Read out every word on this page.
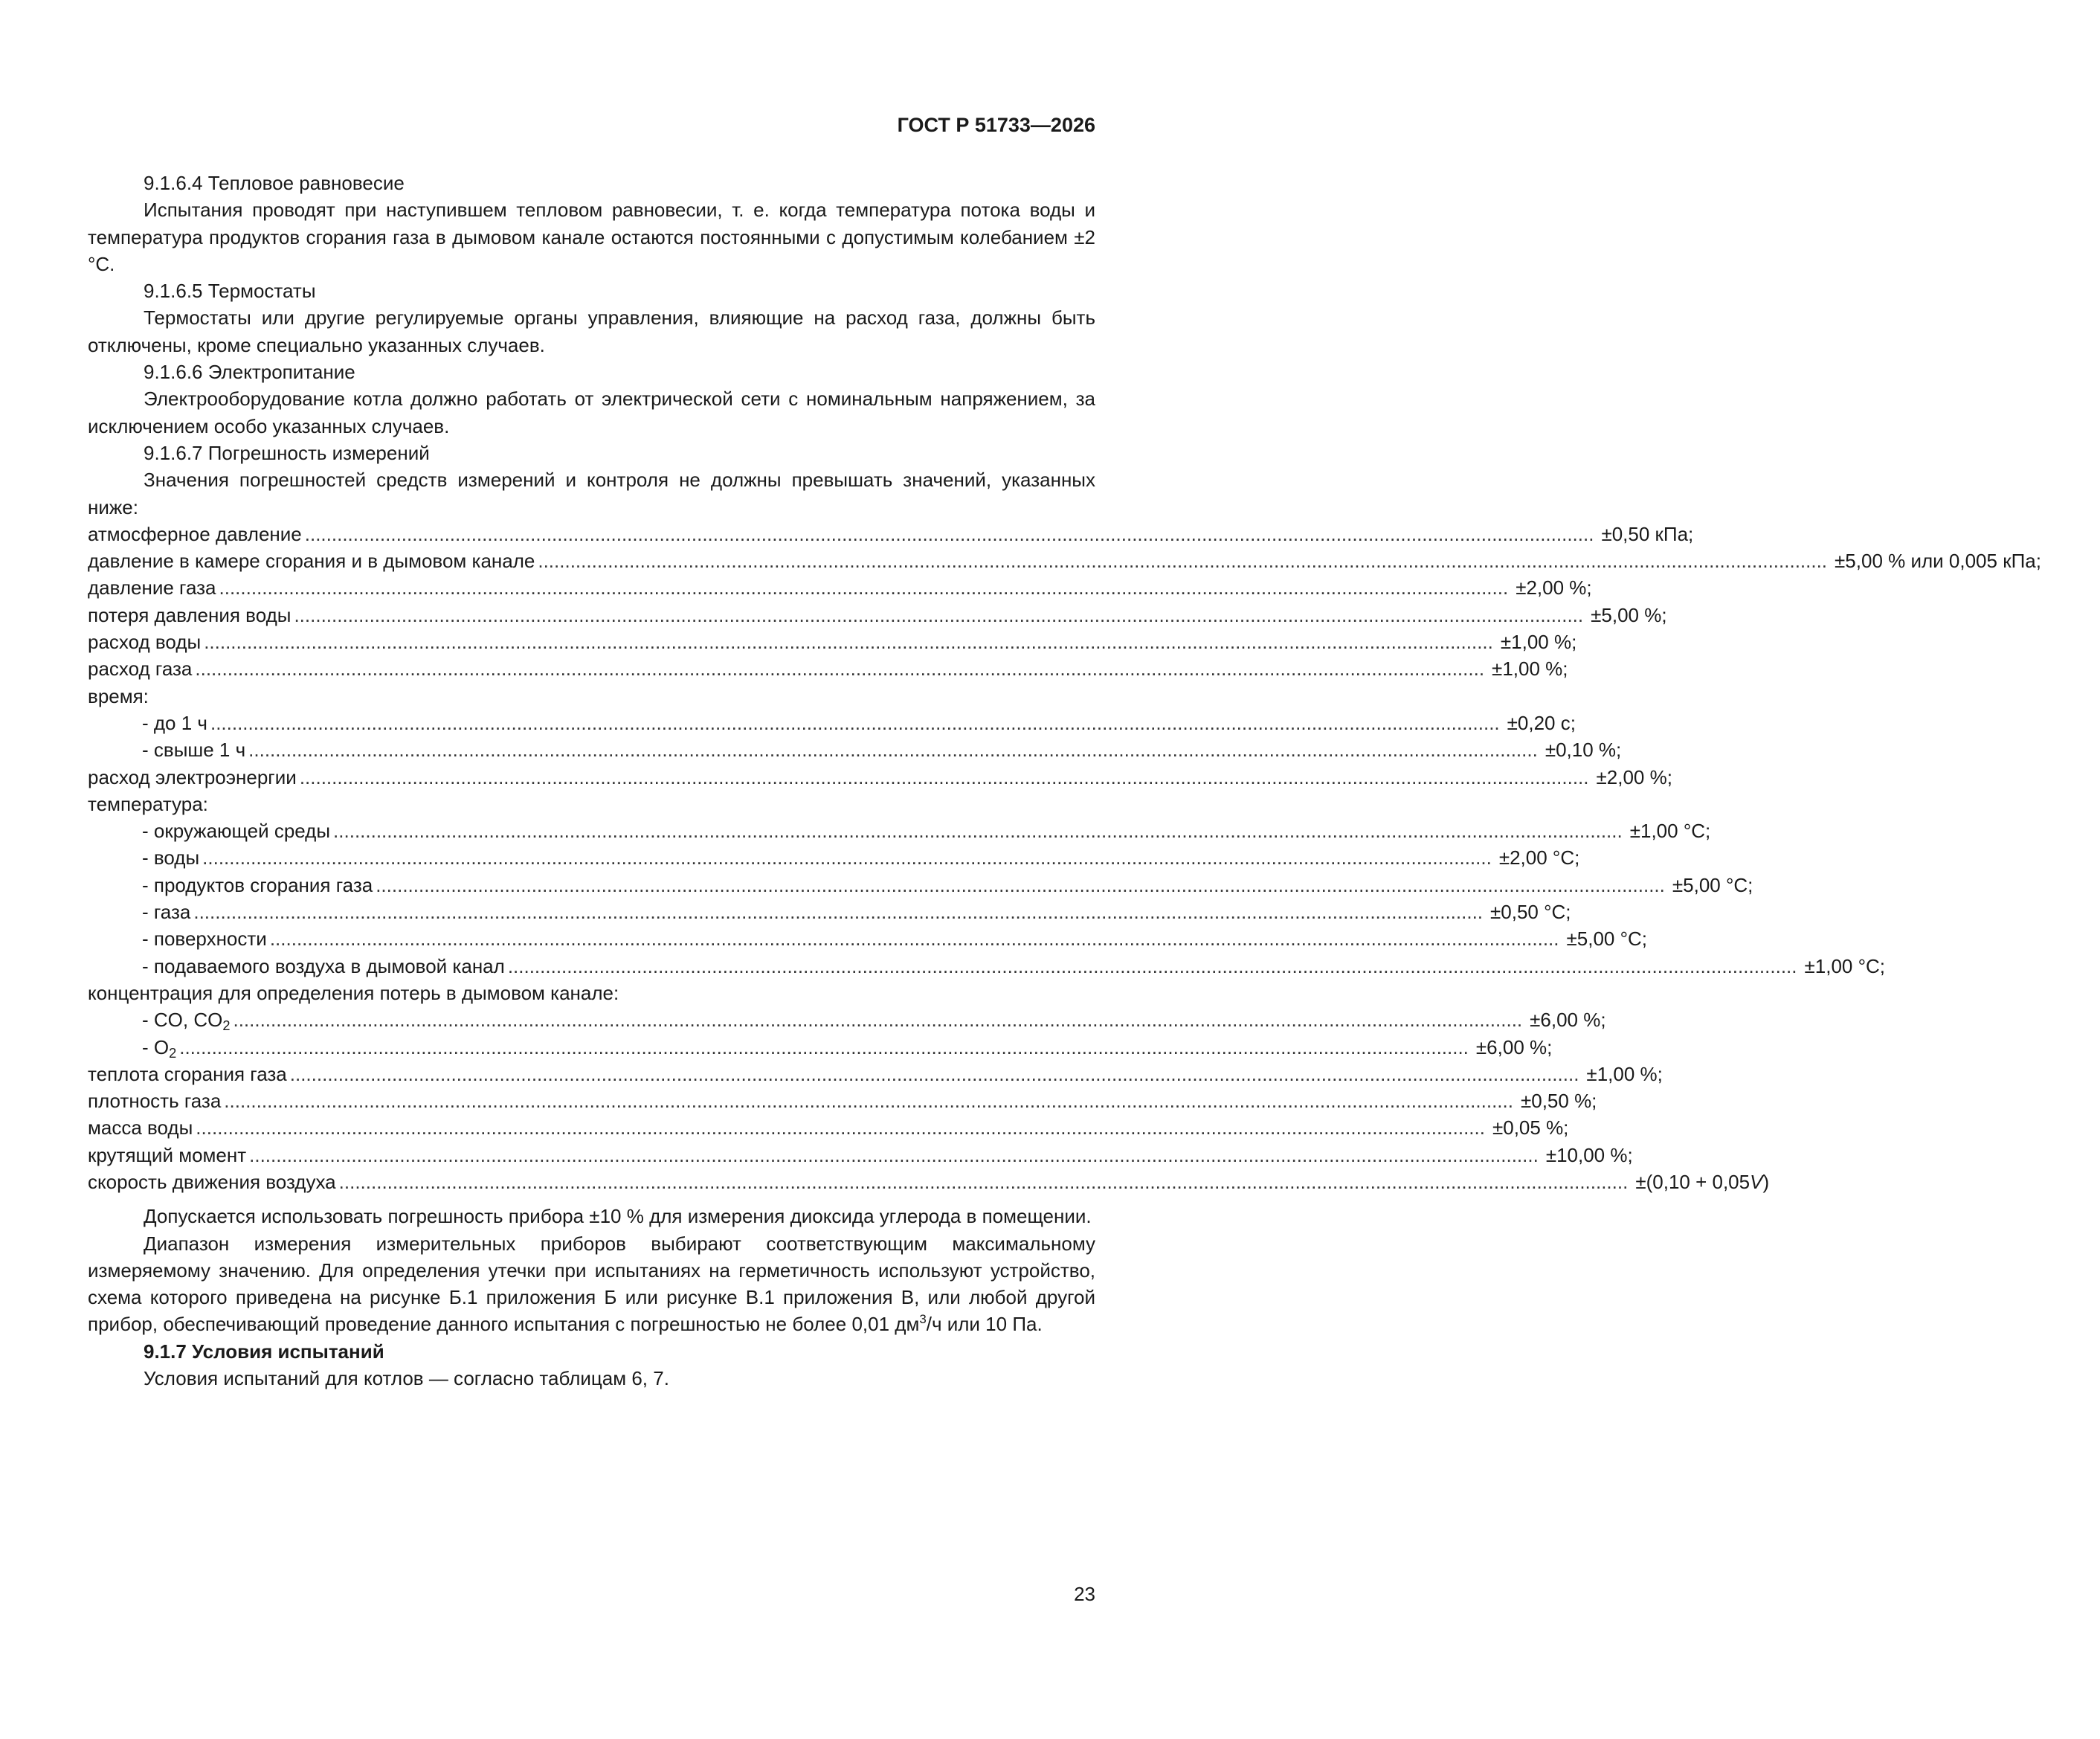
ГОСТ Р 51733—2026

9.1.6.4 Тепловое равновесие

Испытания проводят при наступившем тепловом равновесии, т. е. когда температура потока воды и температура продуктов сгорания газа в дымовом канале остаются постоянными с допустимым колебанием ±2 °С.

9.1.6.5 Термостаты

Термостаты или другие регулируемые органы управления, влияющие на расход газа, должны быть отключены, кроме специально указанных случаев.

9.1.6.6 Электропитание

Электрооборудование котла должно работать от электрической сети с номинальным напряжением, за исключением особо указанных случаев.

9.1.6.7 Погрешность измерений

Значения погрешностей средств измерений и контроля не должны превышать значений, указанных ниже:

атмосферное давление ................................................................................................................................................................................................................................................ ±0,50 кПа;
давление в камере сгорания и в дымовом канале ................................................................................................................................................................................................................................................ ±5,00 % или 0,005 кПа;
давление газа ................................................................................................................................................................................................................................................ ±2,00 %;
потеря давления воды ................................................................................................................................................................................................................................................ ±5,00 %;
расход воды ................................................................................................................................................................................................................................................ ±1,00 %;
расход газа ................................................................................................................................................................................................................................................ ±1,00 %;
время:
- до 1 ч ................................................................................................................................................................................................................................................ ±0,20 с;
- свыше 1 ч ................................................................................................................................................................................................................................................ ±0,10 %;
расход электроэнергии ................................................................................................................................................................................................................................................ ±2,00 %;
температура:
- окружающей среды ................................................................................................................................................................................................................................................ ±1,00 °С;
- воды ................................................................................................................................................................................................................................................ ±2,00 °С;
- продуктов сгорания газа ................................................................................................................................................................................................................................................ ±5,00 °С;
- газа ................................................................................................................................................................................................................................................ ±0,50 °С;
- поверхности ................................................................................................................................................................................................................................................ ±5,00 °С;
- подаваемого воздуха в дымовой канал ................................................................................................................................................................................................................................................ ±1,00 °С;
концентрация для определения потерь в дымовом канале:
- CO, $CO_2$ ................................................................................................................................................................................................................................................ ±6,00 %;
- $O_2$ ................................................................................................................................................................................................................................................ ±6,00 %;
теплота сгорания газа ................................................................................................................................................................................................................................................ ±1,00 %;
плотность газа ................................................................................................................................................................................................................................................ ±0,50 %;
масса воды ................................................................................................................................................................................................................................................ ±0,05 %;
крутящий момент ................................................................................................................................................................................................................................................ ±10,00 %;
скорость движения воздуха ................................................................................................................................................................................................................................................ ±(0,10 + 0,05V)

Допускается использовать погрешность прибора ±10 % для измерения диоксида углерода в помещении.

Диапазон измерения измерительных приборов выбирают соответствующим максимальному измеряемому значению. Для определения утечки при испытаниях на герметичность используют устройство, схема которого приведена на рисунке Б.1 приложения Б или рисунке В.1 приложения В, или любой другой прибор, обеспечивающий проведение данного испытания с погрешностью не более 0,01 $дм^3/ч$ или 10 Па.

9.1.7 Условия испытаний

Условия испытаний для котлов — согласно таблицам 6, 7.

23
